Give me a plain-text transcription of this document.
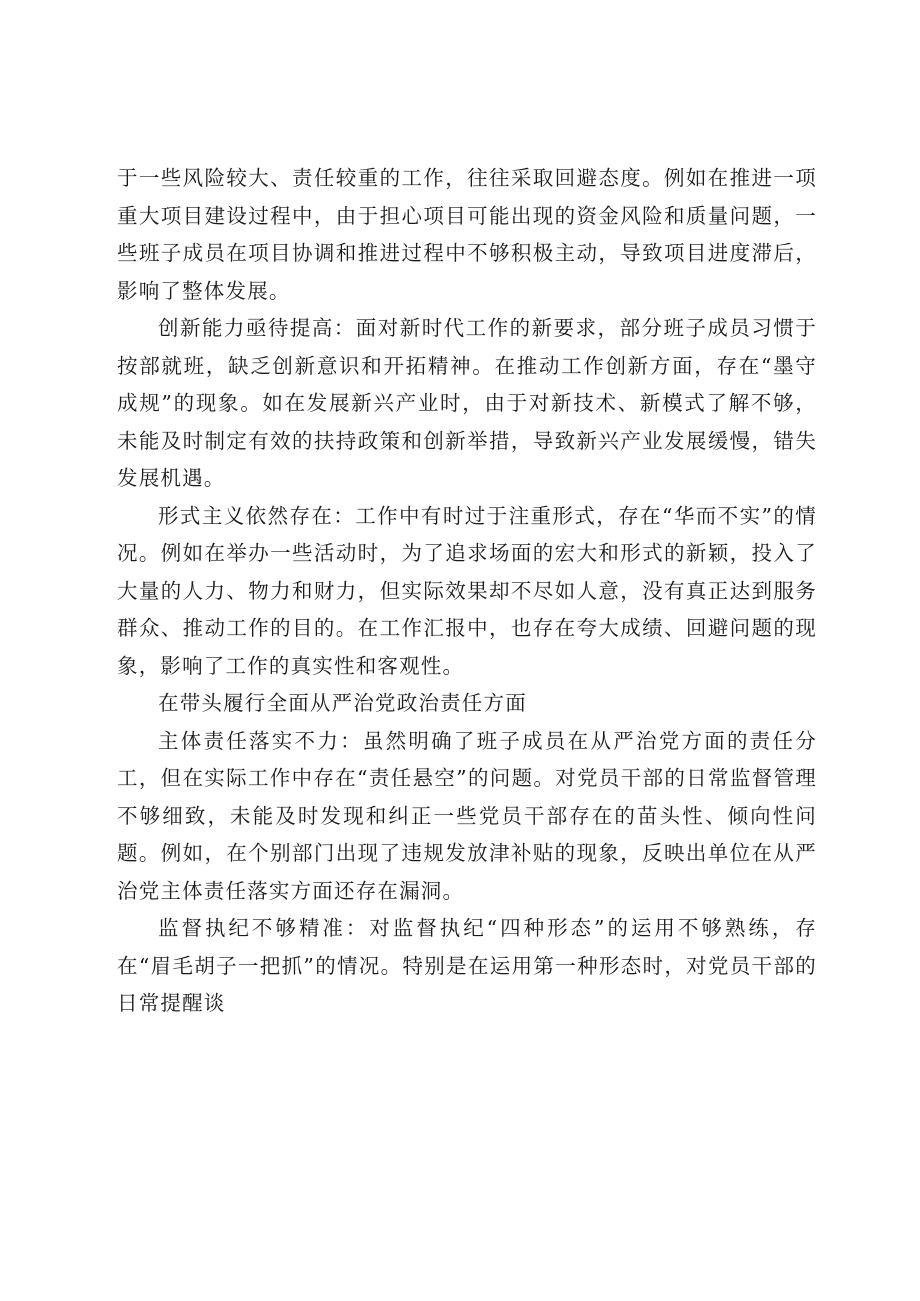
于一些风险较大、责任较重的工作，往往采取回避态度。例如在推进一项重大项目建设过程中，由于担心项目可能出现的资金风险和质量问题，一些班子成员在项目协调和推进过程中不够积极主动，导致项目进度滞后，影响了整体发展。

创新能力亟待提高：面对新时代工作的新要求，部分班子成员习惯于按部就班，缺乏创新意识和开拓精神。在推动工作创新方面，存在“墨守成规”的现象。如在发展新兴产业时，由于对新技术、新模式了解不够，未能及时制定有效的扶持政策和创新举措，导致新兴产业发展缓慢，错失发展机遇。

形式主义依然存在：工作中有时过于注重形式，存在“华而不实”的情况。例如在举办一些活动时，为了追求场面的宏大和形式的新颖，投入了大量的人力、物力和财力，但实际效果却不尽如人意，没有真正达到服务群众、推动工作的目的。在工作汇报中，也存在夸大成绩、回避问题的现象，影响了工作的真实性和客观性。

在带头履行全面从严治党政治责任方面

主体责任落实不力：虽然明确了班子成员在从严治党方面的责任分工，但在实际工作中存在“责任悬空”的问题。对党员干部的日常监督管理不够细致，未能及时发现和纠正一些党员干部存在的苗头性、倾向性问题。例如，在个别部门出现了违规发放津补贴的现象，反映出单位在从严治党主体责任落实方面还存在漏洞。

监督执纪不够精准：对监督执纪“四种形态”的运用不够熟练，存在“眉毛胡子一把抓”的情况。特别是在运用第一种形态时，对党员干部的日常提醒谈
